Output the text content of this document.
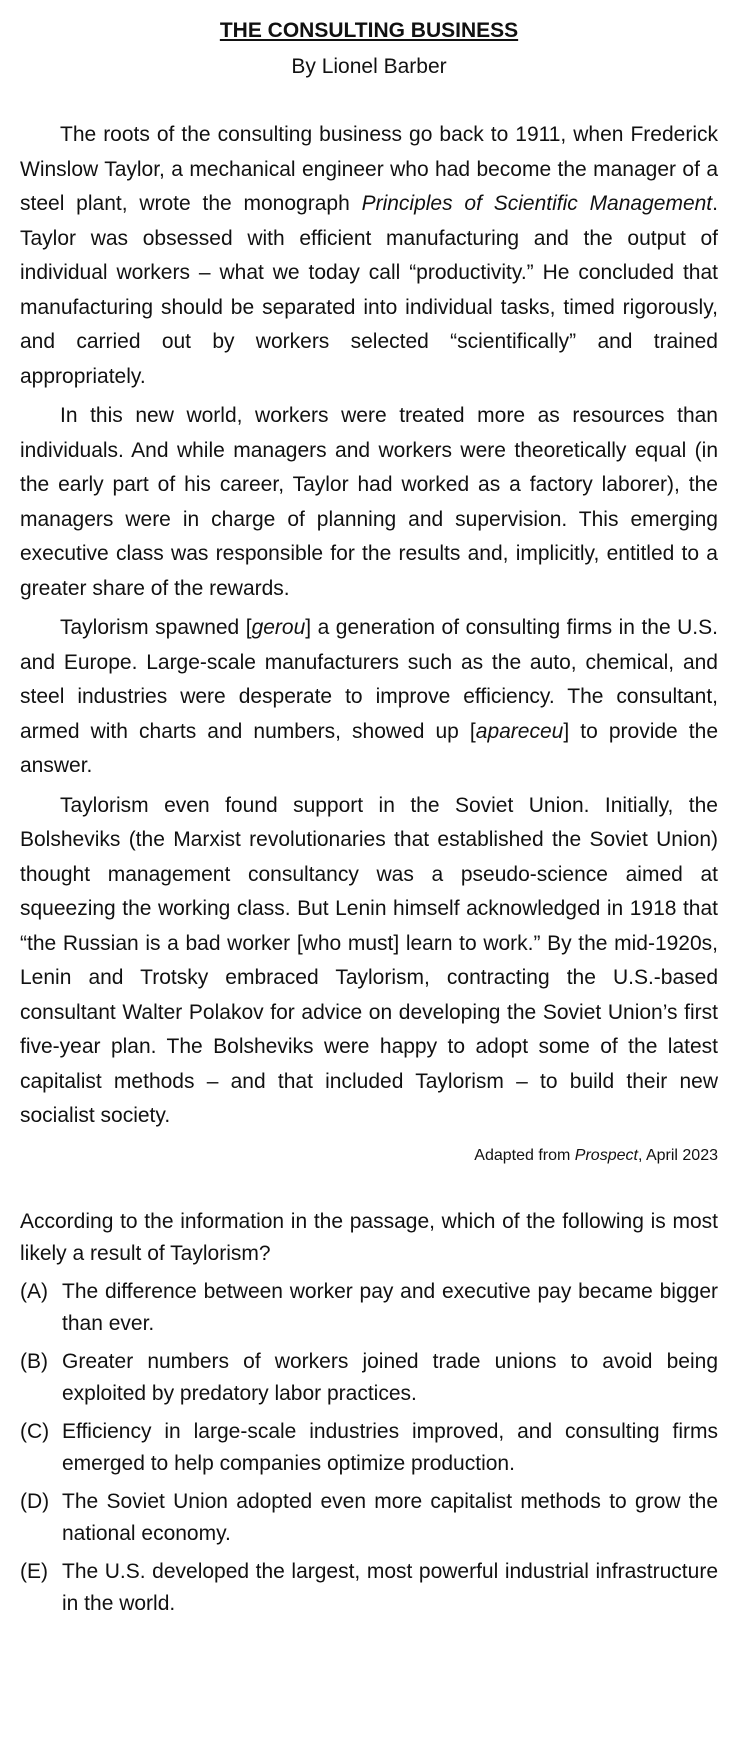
THE CONSULTING BUSINESS
By Lionel Barber

The roots of the consulting business go back to 1911, when Frederick Winslow Taylor, a mechanical engineer who had become the manager of a steel plant, wrote the monograph Principles of Scientific Management. Taylor was obsessed with efficient manufacturing and the output of individual workers – what we today call “productivity.” He concluded that manufacturing should be separated into individual tasks, timed rigorously, and carried out by workers selected “scientifically” and trained appropriately.

In this new world, workers were treated more as resources than individuals. And while managers and workers were theoretically equal (in the early part of his career, Taylor had worked as a factory laborer), the managers were in charge of planning and supervision. This emerging executive class was responsible for the results and, implicitly, entitled to a greater share of the rewards.

Taylorism spawned [gerou] a generation of consulting firms in the U.S. and Europe. Large-scale manufacturers such as the auto, chemical, and steel industries were desperate to improve efficiency. The consultant, armed with charts and numbers, showed up [apareceu] to provide the answer.

Taylorism even found support in the Soviet Union. Initially, the Bolsheviks (the Marxist revolutionaries that established the Soviet Union) thought management consultancy was a pseudo-science aimed at squeezing the working class. But Lenin himself acknowledged in 1918 that “the Russian is a bad worker [who must] learn to work.” By the mid-1920s, Lenin and Trotsky embraced Taylorism, contracting the U.S.-based consultant Walter Polakov for advice on developing the Soviet Union’s first five-year plan. The Bolsheviks were happy to adopt some of the latest capitalist methods – and that included Taylorism – to build their new socialist society.

Adapted from Prospect, April 2023
According to the information in the passage, which of the following is most likely a result of Taylorism?
(A) The difference between worker pay and executive pay became bigger than ever.
(B) Greater numbers of workers joined trade unions to avoid being exploited by predatory labor practices.
(C) Efficiency in large-scale industries improved, and consulting firms emerged to help companies optimize production.
(D) The Soviet Union adopted even more capitalist methods to grow the national economy.
(E) The U.S. developed the largest, most powerful industrial infrastructure in the world.
